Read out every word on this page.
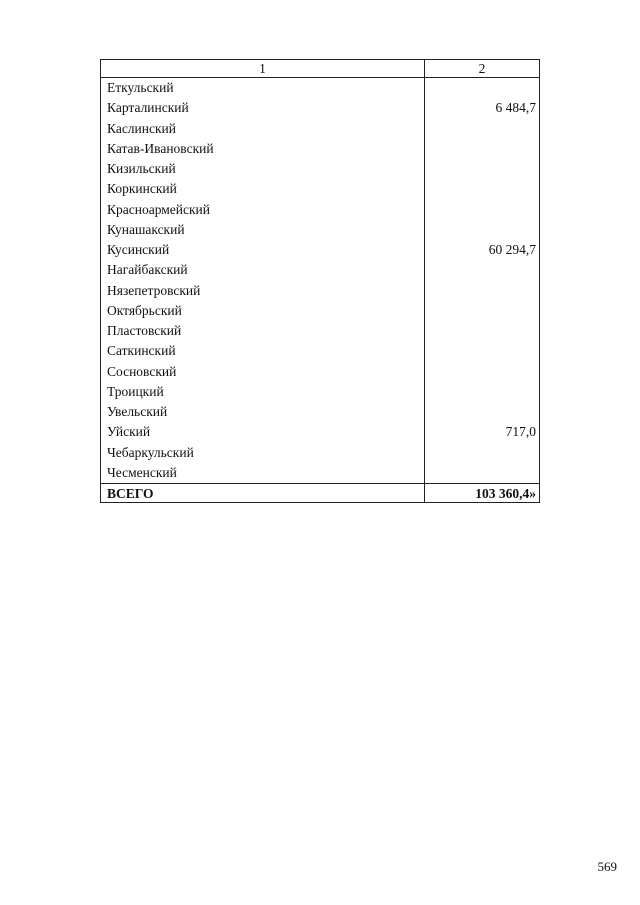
1	2
Еткульский	
Карталинский	6 484,7
Каслинский	
Катав-Ивановский	
Кизильский	
Коркинский	
Красноармейский	
Кунашакский	
Кусинский	60 294,7
Нагайбакский	
Нязепетровский	
Октябрьский	
Пластовский	
Саткинский	
Сосновский	
Троицкий	
Увельский	
Уйский	717,0
Чебаркульский	
Чесменский	
ВСЕГО	103 360,4»
569
